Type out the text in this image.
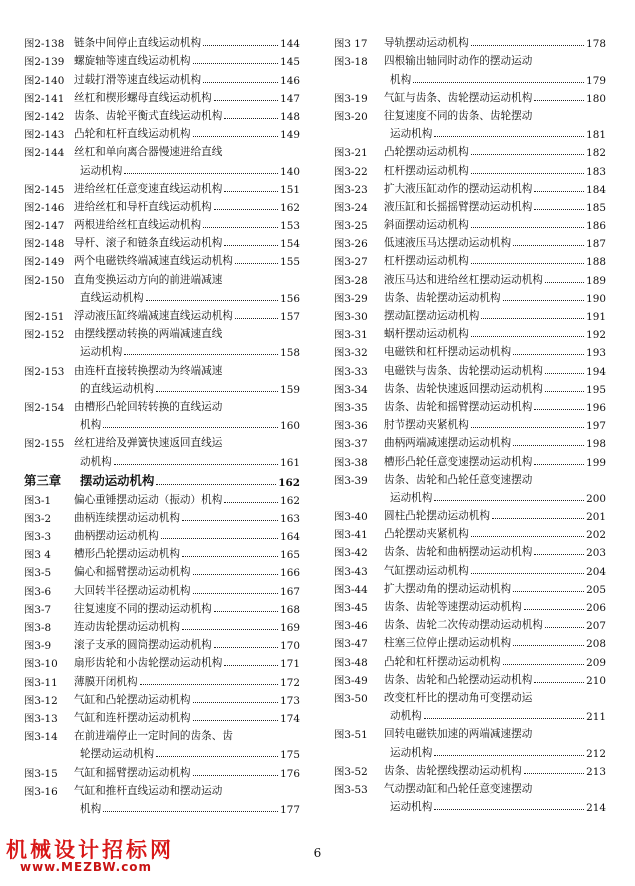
图2-138 链条中间停止直线运动机构	144
图2-139 螺旋轴等速直线运动机构	145
图2-140 过载打滑等速直线运动机构	146
图2-141 丝杠和楔形螺母直线运动机构	147
图2-142 齿条、齿轮平衡式直线运动机构	148
图2-143 凸轮和杠杆直线运动机构	149
图2-144 丝杠和单向离合器慢速进给直线
运动机构	140
图2-145 进给丝杠任意变速直线运动机构	151
图2-146 进给丝杠和导杆直线运动机构	162
图2-147 两根进给丝杠直线运动机构	153
图2-148 导杆、滚子和链条直线运动机构	154
图2-149 两个电磁铁终端减速直线运动机构	155
图2-150 直角变换运动方向的前进端减速
直线运动机构	156
图2-151 浮动液压缸终端减速直线运动机构	157
图2-152 由摆线摆动转换的两端减速直线
运动机构	158
图2-153 由连杆直接转换摆动为终端减速
的直线运动机构	159
图2-154 由槽形凸轮回转转换的直线运动
机构	160
图2-155 丝杠进给及弹簧快速返回直线运
动机构	161
第三章	摆动运动机构	162
图3-1	偏心重锤摆动运动（振动）机构	162
图3-2	曲柄连续摆动运动机构	163
图3-3	曲柄摆动运动机构	164
图3 4	槽形凸轮摆动运动机构	165
图3-5	偏心和摇臂摆动运动机构	166
图3-6	大回转半径摆动运动机构	167
图3-7	往复速度不同的摆动运动机构	168
图3-8	连动齿轮摆动运动机构	169
图3-9	滚子支承的圆筒摆动运动机构	170
图3-10	扇形齿轮和小齿轮摆动运动机构	171
图3-11	薄膜开闭机构	172
图3-12	气缸和凸轮摆动运动机构	173
图3-13	气缸和连杆摆动运动机构	174
图3-14	在前进端停止一定时间的齿条、齿
轮摆动运动机构	175
图3-15	气缸和摇臂摆动运动机构	176
图3-16	气缸和推杆直线运动和摆动运动
机构	177
图3 17	导轨摆动运动机构	178
图3-18	四根输出轴同时动作的摆动运动
机构	179
图3-19	气缸与齿条、齿轮摆动运动机构	180
图3-20	往复速度不同的齿条、齿轮摆动
运动机构	181
图3-21	凸轮摆动运动机构	182
图3-22	杠杆摆动运动机构	183
图3-23	扩大液压缸动作的摆动运动机构	184
图3-24	液压缸和长摇摇臂摆动运动机构	185
图3-25	斜面摆动运动机构	186
图3-26	低速液压马达摆动运动机构	187
图3-27	杠杆摆动运动机构	188
图3-28	液压马达和进给丝杠摆动运动机构	189
图3-29	齿条、齿轮摆动运动机构	190
图3-30	摆动缸摆动运动机构	191
图3-31	蜗杆摆动运动机构	192
图3-32	电磁铁和杠杆摆动运动机构	193
图3-33	电磁铁与齿条、齿轮摆动运动机构	194
图3-34	齿条、齿轮快速返回摆动运动机构	195
图3-35	齿条、齿轮和摇臂摆动运动机构	196
图3-36	肘节摆动夹紧机构	197
图3-37	曲柄两端减速摆动运动机构	198
图3-38	槽形凸轮任意变速摆动运动机构	199
图3-39	齿条、齿轮和凸轮任意变速摆动
运动机构	200
图3-40	圆柱凸轮摆动运动机构	201
图3-41	凸轮摆动夹紧机构	202
图3-42	齿条、齿轮和曲柄摆动运动机构	203
图3-43	气缸摆动运动机构	204
图3-44	扩大摆动角的摆动运动机构	205
图3-45	齿条、齿轮等速摆动运动机构	206
图3-46	齿条、齿轮二次传动摆动运动机构	207
图3-47	柱塞三位停止摆动运动机构	208
图3-48	凸轮和杠杆摆动运动机构	209
图3-49	齿条、齿轮和凸轮摆动运动机构	210
图3-50	改变杠杆比的摆动角可变摆动运
动机构	211
图3-51	回转电磁铁加速的两端减速摆动
运动机构	212
图3-52	齿条、齿轮摆线摆动运动机构	213
图3-53	气动摆动缸和凸轮任意变速摆动
运动机构	214
6
机械设计招标网
www.MEZBW.com
